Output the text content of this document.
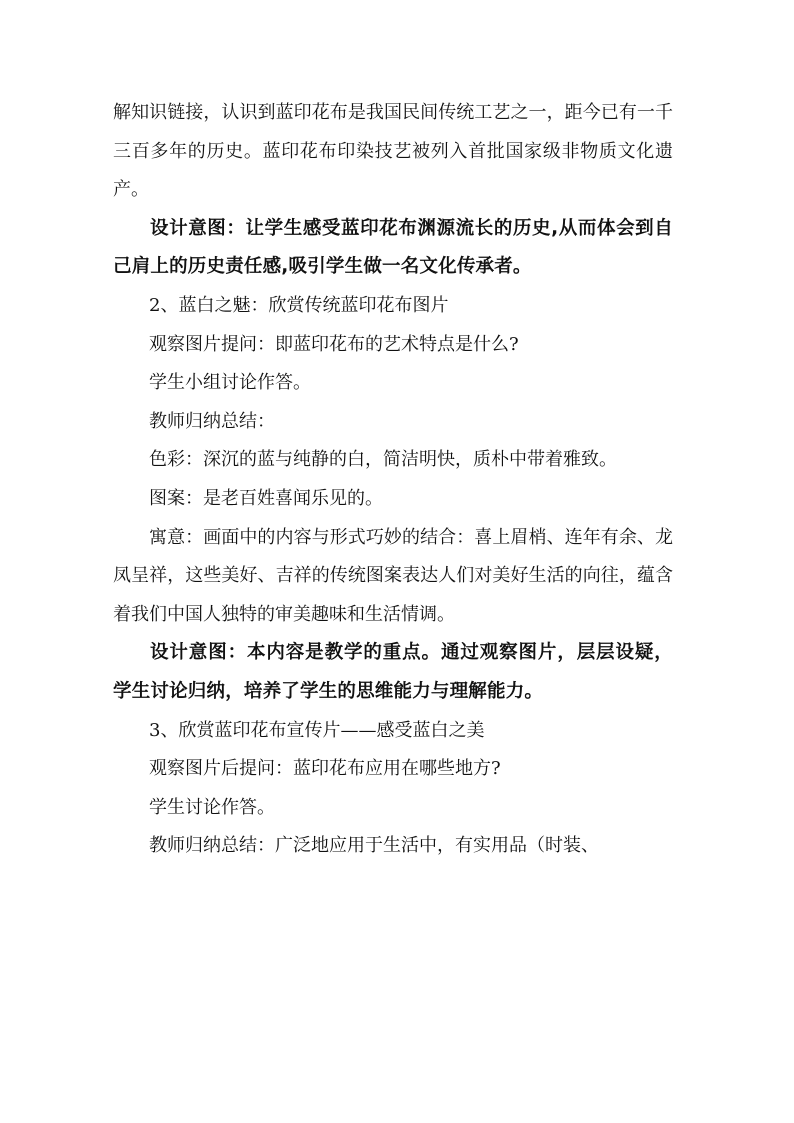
解知识链接，认识到蓝印花布是我国民间传统工艺之一，距今已有一千三百多年的历史。蓝印花布印染技艺被列入首批国家级非物质文化遗产。

设计意图：让学生感受蓝印花布渊源流长的历史,从而体会到自己肩上的历史责任感,吸引学生做一名文化传承者。

2、蓝白之魅：欣赏传统蓝印花布图片

观察图片提问：即蓝印花布的艺术特点是什么?

学生小组讨论作答。

教师归纳总结：

色彩：深沉的蓝与纯静的白，简洁明快，质朴中带着雅致。

图案：是老百姓喜闻乐见的。

寓意：画面中的内容与形式巧妙的结合：喜上眉梢、连年有余、龙凤呈祥，这些美好、吉祥的传统图案表达人们对美好生活的向往，蕴含着我们中国人独特的审美趣味和生活情调。

设计意图：本内容是教学的重点。通过观察图片，层层设疑，学生讨论归纳，培养了学生的思维能力与理解能力。

3、欣赏蓝印花布宣传片——感受蓝白之美

观察图片后提问：蓝印花布应用在哪些地方?

学生讨论作答。

教师归纳总结：广泛地应用于生活中，有实用品（时装、
